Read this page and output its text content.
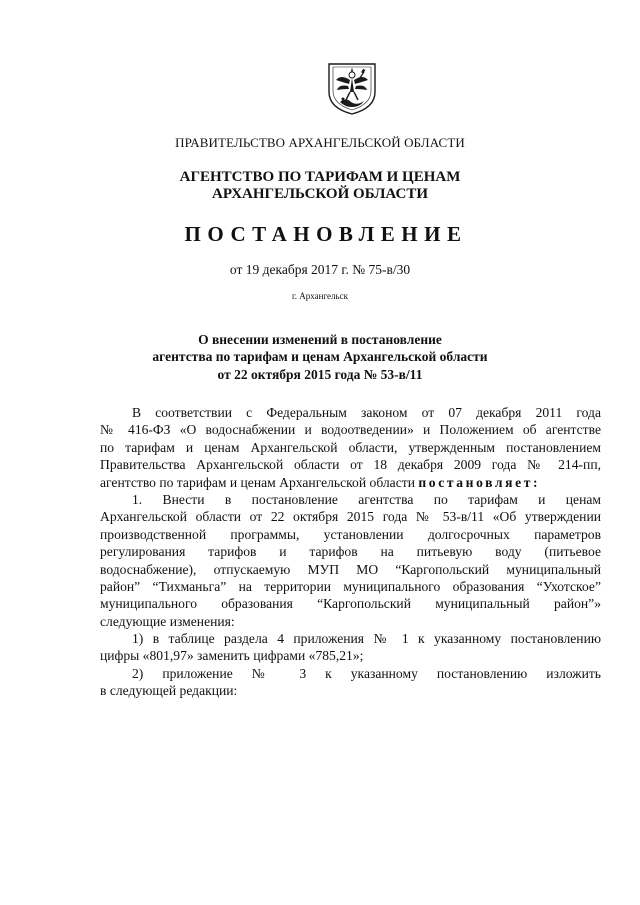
ПРАВИТЕЛЬСТВО АРХАНГЕЛЬСКОЙ ОБЛАСТИ

АГЕНТСТВО ПО ТАРИФАМ И ЦЕНАМ
АРХАНГЕЛЬСКОЙ ОБЛАСТИ

ПОСТАНОВЛЕНИЕ

от 19 декабря 2017 г. № 75-в/30

г. Архангельск

О внесении изменений в постановление
агентства по тарифам и ценам Архангельской области
от 22 октября 2015 года № 53-в/11
В соответствии с Федеральным законом от 07 декабря 2011 года
№ 416-ФЗ «О водоснабжении и водоотведении» и Положением об агентстве
по тарифам и ценам Архангельской области, утвержденным постановлением
Правительства Архангельской области от 18 декабря 2009 года № 214-пп,
агентство по тарифам и ценам Архангельской области постановляет:
1. Внести в постановление агентства по тарифам и ценам
Архангельской области от 22 октября 2015 года № 53-в/11 «Об утверждении
производственной программы, установлении долгосрочных параметров
регулирования тарифов и тарифов на питьевую воду (питьевое
водоснабжение), отпускаемую МУП МО “Каргопольский муниципальный
район” “Тихманьга” на территории муниципального образования “Ухотское”
муниципального образования “Каргопольский муниципальный район”»
следующие изменения:
1) в таблице раздела 4 приложения № 1 к указанному постановлению
цифры «801,97» заменить цифрами «785,21»;
2) приложение № 3 к указанному постановлению изложить
в следующей редакции:
